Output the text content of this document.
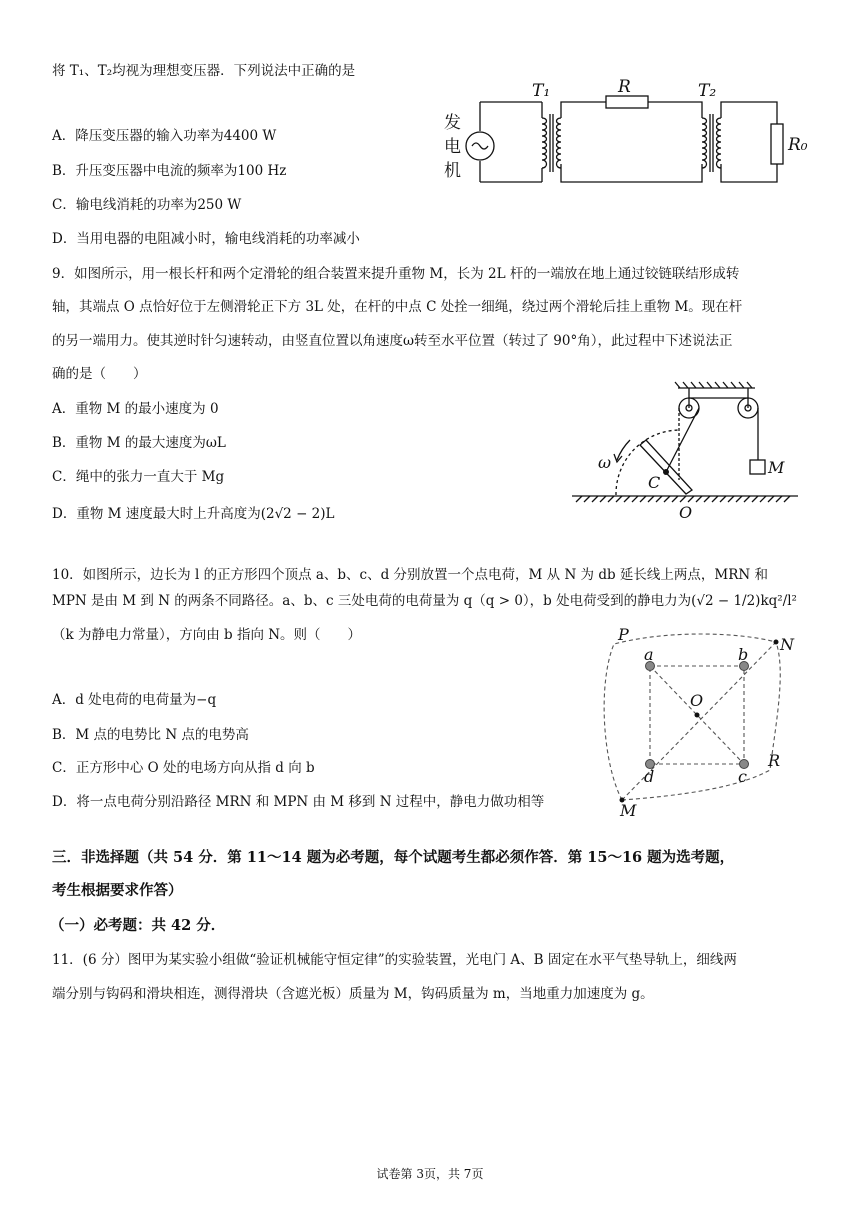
将 T₁、T₂均视为理想变压器．下列说法中正确的是
A．降压变压器的输入功率为4400 W
B．升压变压器中电流的频率为100 Hz
C．输电线消耗的功率为250 W
D．当用电器的电阻减小时，输电线消耗的功率减小
发
电
机
T₁	R	T₂
R₀
9．如图所示，用一根长杆和两个定滑轮的组合装置来提升重物 M，长为 2L 杆的一端放在地上通过铰链联结形成转
轴，其端点 O 点恰好位于左侧滑轮正下方 3L 处，在杆的中点 C 处拴一细绳，绕过两个滑轮后挂上重物 M。现在杆
的另一端用力。使其逆时针匀速转动，由竖直位置以角速度ω转至水平位置（转过了 90°角），此过程中下述说法正
确的是（　　）
A．重物 M 的最小速度为 0
B．重物 M 的最大速度为ωL
C．绳中的张力一直大于 Mg
D．重物 M 速度最大时上升高度为(2√2 − 2)L
ω
C
M
O
10．如图所示，边长为 l 的正方形四个顶点 a、b、c、d 分别放置一个点电荷，M 从 N 为 db 延长线上两点，MRN 和
MPN 是由 M 到 N 的两条不同路径。a、b、c 三处电荷的电荷量为 q（q > 0），b 处电荷受到的静电力为(√2 − 1/2)kq²/l²
（k 为静电力常量），方向由 b 指向 N。则（　　）
A．d 处电荷的电荷量为−q
B．M 点的电势比 N 点的电势高
C．正方形中心 O 处的电场方向从指 d 向 b
D．将一点电荷分别沿路径 MRN 和 MPN 由 M 移到 N 过程中，静电力做功相等
P
N
a	b
O
d	c
R
M
三．非选择题（共 54 分．第 11～14 题为必考题，每个试题考生都必须作答．第 15～16 题为选考题，
考生根据要求作答）
（一）必考题：共 42 分．
11．(6 分）图甲为某实验小组做“验证机械能守恒定律”的实验装置，光电门 A、B 固定在水平气垫导轨上，细线两
端分别与钩码和滑块相连，测得滑块（含遮光板）质量为 M，钩码质量为 m，当地重力加速度为 g。
试卷第 3页，共 7页
